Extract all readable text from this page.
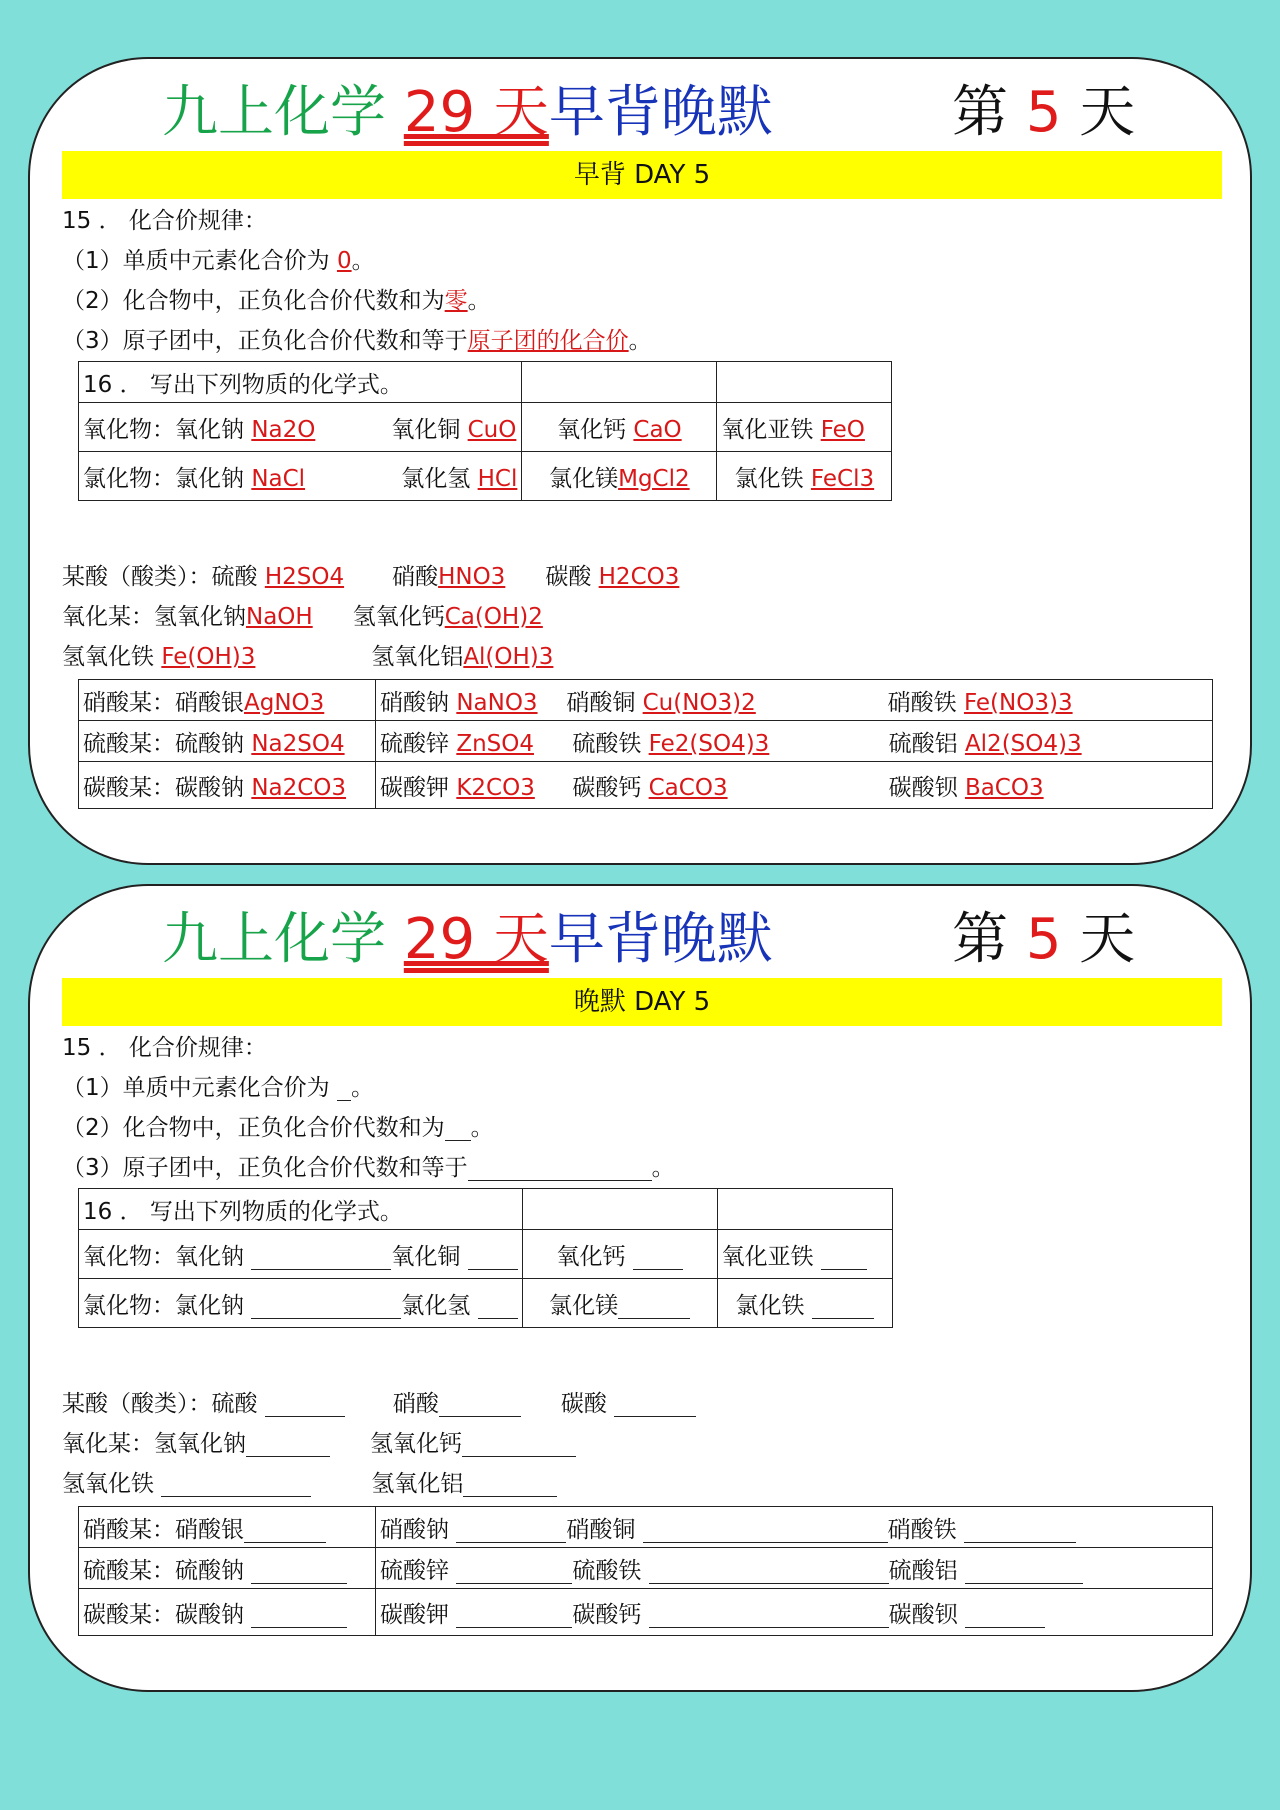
九上化学 29 天早背晚默	第 5 天
早背 DAY 5
15 ． 化合价规律：
（1）单质中元素化合价为 0。
（2）化合物中，正负化合价代数和为零。
（3）原子团中，正负化合价代数和等于原子团的化合价。
16 ． 写出下列物质的化学式。		
氧化物：氧化钠 Na2O 氧化铜 CuO	氧化钙 CaO	氧化亚铁 FeO
氯化物：氯化钠 NaCl 氯化氢 HCl	氯化镁MgCl2	氯化铁 FeCl3
某酸（酸类）：硫酸 H2SO4 硝酸HNO3 碳酸 H2CO3
氧化某：氢氧化钠NaOH 氢氧化钙Ca(OH)2
氢氧化铁 Fe(OH)3	氢氧化铝Al(OH)3
硝酸某：硝酸银AgNO3	硝酸钠 NaNO3 硝酸铜 Cu(NO3)2 硝酸铁 Fe(NO3)3
硫酸某：硫酸钠 Na2SO4	硫酸锌 ZnSO4 硫酸铁 Fe2(SO4)3 硫酸铝 Al2(SO4)3
碳酸某：碳酸钠 Na2CO3	碳酸钾 K2CO3 碳酸钙 CaCO3 碳酸钡 BaCO3
九上化学 29 天早背晚默	第 5 天
晚默 DAY 5
15 ． 化合价规律：
（1）单质中元素化合价为 。
（2）化合物中，正负化合价代数和为 。
（3）原子团中，正负化合价代数和等于	。
16 ． 写出下列物质的化学式。		
氧化物：氧化钠 氧化铜	氧化钙	氧化亚铁
氯化物：氯化钠 氯化氢	氯化镁	氯化铁
某酸（酸类）：硫酸	硝酸	碳酸
氧化某：氢氧化钠	氢氧化钙
氢氧化铁	氢氧化铝
硝酸某：硝酸银	硝酸钠 硝酸铜 硝酸铁
硫酸某：硫酸钠	硫酸锌 硫酸铁 硫酸铝
碳酸某：碳酸钠	碳酸钾 碳酸钙 碳酸钡
